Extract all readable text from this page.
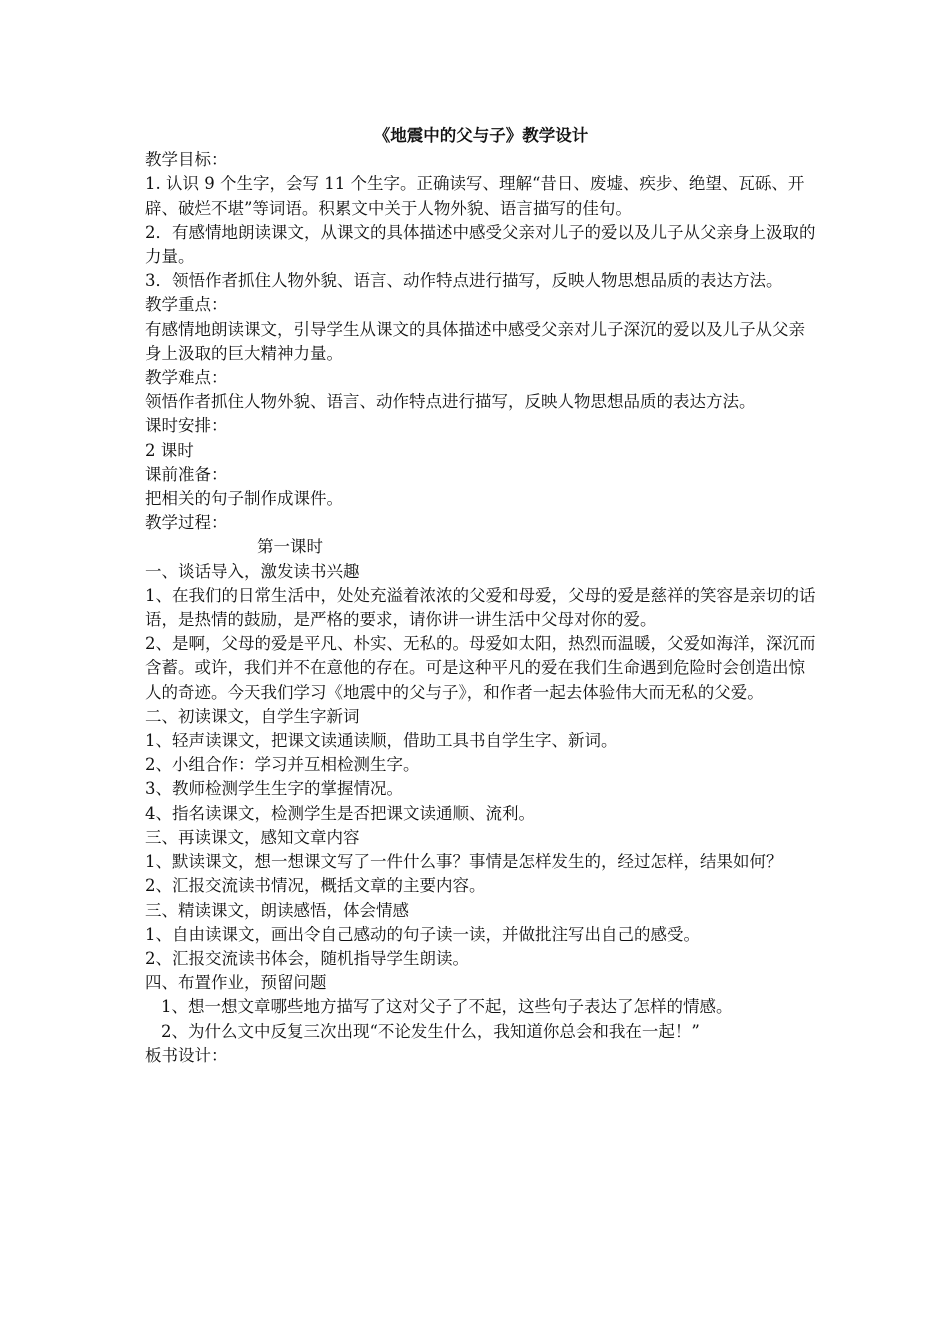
《地震中的父与子》教学设计

教学目标：

1. 认识 9 个生字，会写 11 个生字。正确读写、理解“昔日、废墟、疾步、绝望、瓦砾、开辟、破烂不堪”等词语。积累文中关于人物外貌、语言描写的佳句。

2．有感情地朗读课文，从课文的具体描述中感受父亲对儿子的爱以及儿子从父亲身上汲取的力量。

3．领悟作者抓住人物外貌、语言、动作特点进行描写，反映人物思想品质的表达方法。

教学重点：

有感情地朗读课文，引导学生从课文的具体描述中感受父亲对儿子深沉的爱以及儿子从父亲身上汲取的巨大精神力量。

教学难点：

领悟作者抓住人物外貌、语言、动作特点进行描写，反映人物思想品质的表达方法。

课时安排：

2 课时

课前准备：

把相关的句子制作成课件。

教学过程：

第一课时

一、谈话导入，激发读书兴趣

1、在我们的日常生活中，处处充溢着浓浓的父爱和母爱，父母的爱是慈祥的笑容是亲切的话语，是热情的鼓励，是严格的要求，请你讲一讲生活中父母对你的爱。

2、是啊，父母的爱是平凡、朴实、无私的。母爱如太阳，热烈而温暖，父爱如海洋，深沉而含蓄。或许，我们并不在意他的存在。可是这种平凡的爱在我们生命遇到危险时会创造出惊人的奇迹。今天我们学习《地震中的父与子》，和作者一起去体验伟大而无私的父爱。

二、初读课文，自学生字新词

1、轻声读课文，把课文读通读顺，借助工具书自学生字、新词。

2、小组合作：学习并互相检测生字。

3、教师检测学生生字的掌握情况。

4、指名读课文，检测学生是否把课文读通顺、流利。

三、再读课文，感知文章内容

1、默读课文，想一想课文写了一件什么事？事情是怎样发生的，经过怎样，结果如何？

2、汇报交流读书情况，概括文章的主要内容。

三、精读课文，朗读感悟，体会情感

1、自由读课文，画出令自己感动的句子读一读，并做批注写出自己的感受。

2、汇报交流读书体会，随机指导学生朗读。

四、布置作业，预留问题

1、想一想文章哪些地方描写了这对父子了不起，这些句子表达了怎样的情感。

2、为什么文中反复三次出现“不论发生什么，我知道你总会和我在一起！”

板书设计：
